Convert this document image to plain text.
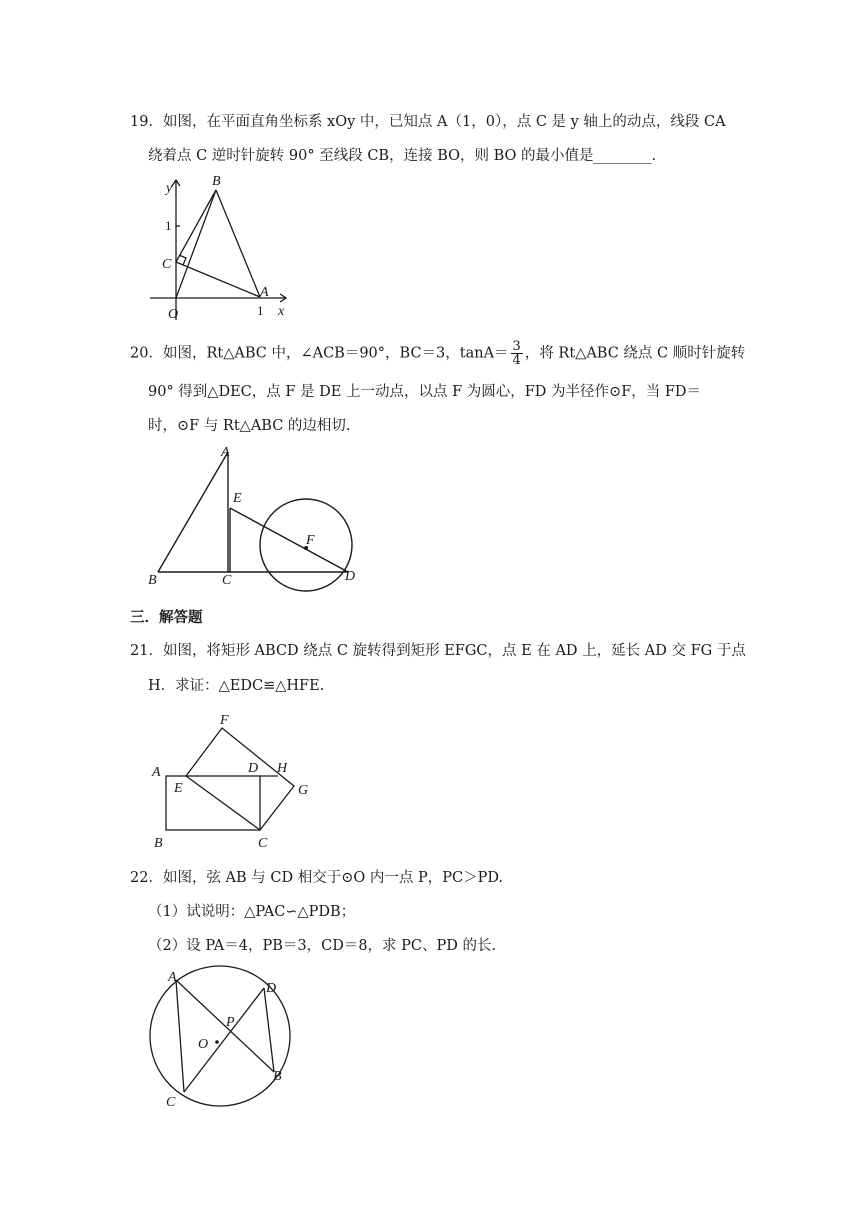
19．如图，在平面直角坐标系 xOy 中，已知点 A（1，0），点 C 是 y 轴上的动点，线段 CA
绕着点 C 逆时针旋转 90° 至线段 CB，连接 BO，则 BO 的最小值是________.
y	B
1
C
O
A
1 x
20．如图，Rt△ABC 中，∠ACB＝90°，BC＝3，$\tan A= \frac{3}{4}$ ，将 Rt△ABC 绕点 C 顺时针旋转
90° 得到△DEC，点 F 是 DE 上一动点，以点 F 为圆心，FD 为半径作⊙F，当 FD＝
时，⊙F 与 Rt△ABC 的边相切.
A
E
F
B	C	D
三．解答题
21．如图，将矩形 ABCD 绕点 C 旋转得到矩形 EFGC，点 E 在 AD 上，延长 AD 交 FG 于点
H．求证：△EDC≌△HFE.
F
A	D H
E	G
B	C
22．如图，弦 AB 与 CD 相交于⊙O 内一点 P，PC＞PD.
（1）试说明：△PAC∽△PDB；
（2）设 PA＝4，PB＝3，CD＝8，求 PC、PD 的长.
A
D
P
O
B
C
